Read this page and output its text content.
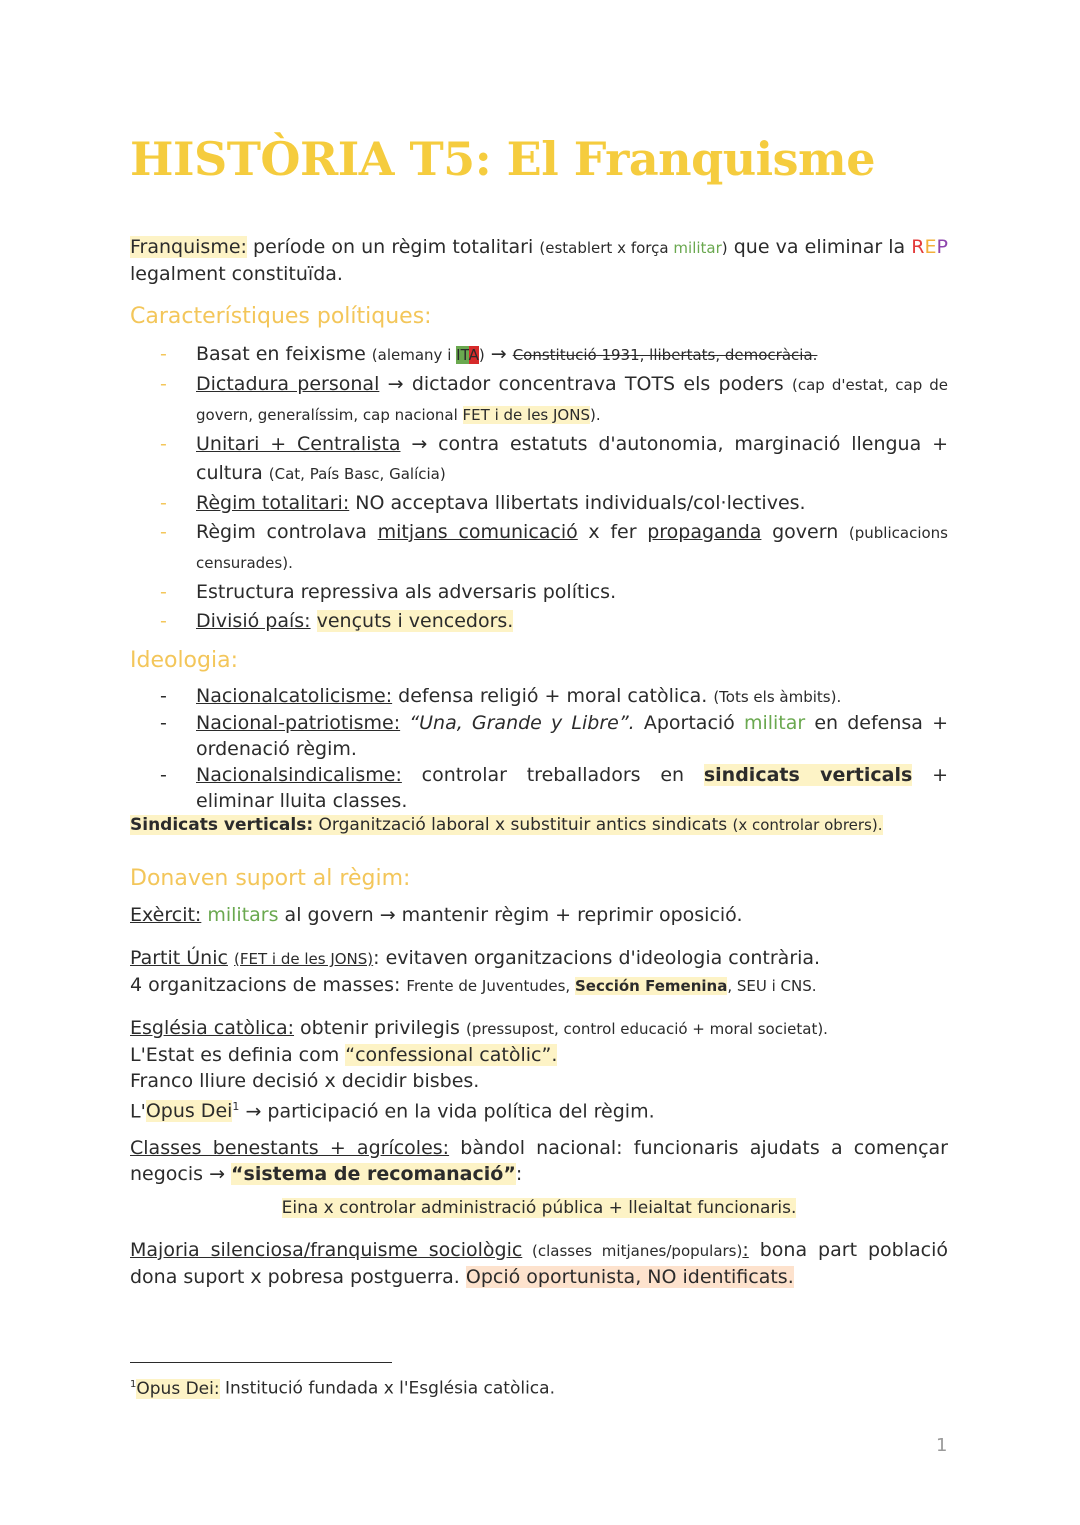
HISTÒRIA T5: El Franquisme

Franquisme: període on un règim totalitari (establert x força militar) que va eliminar la REP legalment constituïda.

Característiques polítiques:
- Basat en feixisme (alemany i ITA) → Constitució 1931, llibertats, democràcia.
- Dictadura personal → dictador concentrava TOTS els poders (cap d'estat, cap de govern, generalíssim, cap nacional FET i de les JONS).
- Unitari + Centralista → contra estatuts d'autonomia, marginació llengua + cultura (Cat, País Basc, Galícia)
- Règim totalitari: NO acceptava llibertats individuals/col·lectives.
- Règim controlava mitjans comunicació x fer propaganda govern (publicacions censurades).
- Estructura repressiva als adversaris polítics.
- Divisió país: vençuts i vencedors.
Ideologia:
- Nacionalcatolicisme: defensa religió + moral catòlica. (Tots els àmbits).
- Nacional-patriotisme: “Una, Grande y Libre”. Aportació militar en defensa + ordenació règim.
- Nacionalsindicalisme: controlar treballadors en sindicats verticals + eliminar lluita classes.

Sindicats verticals: Organització laboral x substituir antics sindicats (x controlar obrers).

Donaven suport al règim:

Exèrcit: militars al govern → mantenir règim + reprimir oposició.

Partit Únic (FET i de les JONS): evitaven organitzacions d'ideologia contrària.
4 organitzacions de masses: Frente de Juventudes, Sección Femenina, SEU i CNS.

Església catòlica: obtenir privilegis (pressupost, control educació + moral societat).
L'Estat es definia com “confessional catòlic”.
Franco lliure decisió x decidir bisbes.
L'Opus Dei$^1$ → participació en la vida política del règim.

Classes benestants + agrícoles: bàndol nacional: funcionaris ajudats a començar negocis → “sistema de recomanació”:

Eina x controlar administració pública + lleialtat funcionaris.

Majoria silenciosa/franquisme sociològic (classes mitjanes/populars): bona part població dona suport x pobresa postguerra. Opció oportunista, NO identificats.

$^1$Opus Dei: Institució fundada x l'Església catòlica.

1
